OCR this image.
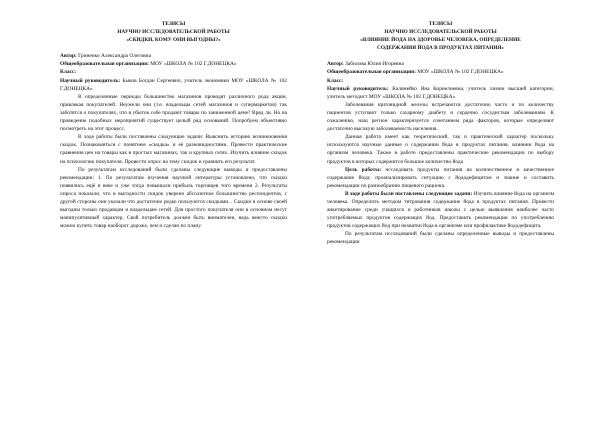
ТЕЗИСЫ
НАУЧНО ИССЛЕДОВАТЕЛЬСКОЙ РАБОТЫ
«СКИДКИ, КОМУ ОНИ ВЫГОДНЫ?»

Автор: Гриненко Александра Олеговна

Общеобразовательная организация: МОУ «ШКОЛА № 102 Г.ДОНЕЦКА»

Класс:

Научный руководитель: Быков Богдан Сергеевич, учитель экономики МОУ «ШКОЛА № 102 Г.ДОНЕЦКА»

В определенные периоды большинство магазинов проводят различного рода акции, привлекая покупателей. Неужели они (т.е. владельцы сетей магазинов и супермаркетов) так заботятся о покупателях, что в убыток себе продают товары по заниженной цене? Вряд ли. Но на проведение подобных мероприятий существует целый ряд оснований. Попробуем объективно посмотреть на этот процесс.

В ходе работы были поставлены следующие задачи: Выяснить историю возникновения скидок. Познакомиться с понятием «скидка» и её разновидностями. Провести практические сравнения цен на товары как в простых магазинах, так и крупных сетях. Изучить влияние скидок на психологию покупателя. Провести опрос на тему скидок и сравнить его результат.

По результатам исследований были сделаны следующие выводы и предоставлены рекомендации: 1. По результатам изучения научной литературы установлено, что скидки появились ещё в веке и уже тогда повышали прибыль торговцев того времени 2. Результаты опроса показали, что в выгодности скидок уверено абсолютное большинство респондентов, с другой стороны они указали что достаточно редко пользуются скидками. . Скидки в основе своей выгодны только продавцам и владельцам сетей. Для простого покупателя они в основном несут манипулятивный характер. Свой потребитель должен быть внимателен, ведь вместо скидки можно купить товар наоборот дороже, чем и сделан по плану.

ТЕЗИСЫ
НАУЧНО ИССЛЕДОВАТЕЛЬСКОЙ РАБОТЫ
«ВЛИЯНИЕ ЙОДА НА ЗДОРОВЬЕ ЧЕЛОВЕКА, ОПРЕДЕЛЕНИЕ
СОДЕРЖАНИЯ ЙОДА В ПРОДУКТАХ ПИТАНИЯ»

Автор: Забилова Юлия Игоревна

Общеобразовательная организация: МОУ «ШКОЛА № 102 Г.ДОНЕЦКА»

Класс:

Научный руководитель: Калинейко Яна Корнелиевна, учитель химии высшей категории, учитель методист МОУ «ШКОЛА № 102 Г.ДОНЕЦКА»

Заболевания щитовидной железы встречаются достаточно часто и по количеству пациентов уступают только сахарному диабету и сердечно сосудистым заболеваниям. К сожалению, наш регион характеризуется сочетанием ряда факторов, которые определяют достаточно высокую заболеваемость населения.

Данная работа имеет как теоретический, так и практический характер поскольку используются научные данные о содержании йода в продуктах питания, влиянии йода на организм человека. Также в работе предоставлены практические рекомендации по выбору продуктов в которых содержится большое количество йода

Цель работы: исследовать продукты питания на количественное и качественное содержание йода; проанализировать ситуацию с йододефицитом и знание и составить рекомендации по разнообразию пищевого рациона.

В ходе работы были поставлены следующие задачи: Изучить влияние йода на организм человека. Определить методом титрования содержание йода в продуктах питания. Провести анкетирование среди учащихся и работников школы с целью выявления наиболее часто употребляемых продуктов содержащих йод. Предоставить рекомендации по употреблению продуктов содержащих йод при нехватки йода в организме или профилактике йододефицита.

По результатам исследований были сделаны определенные выводы и предоставлены рекомендации
